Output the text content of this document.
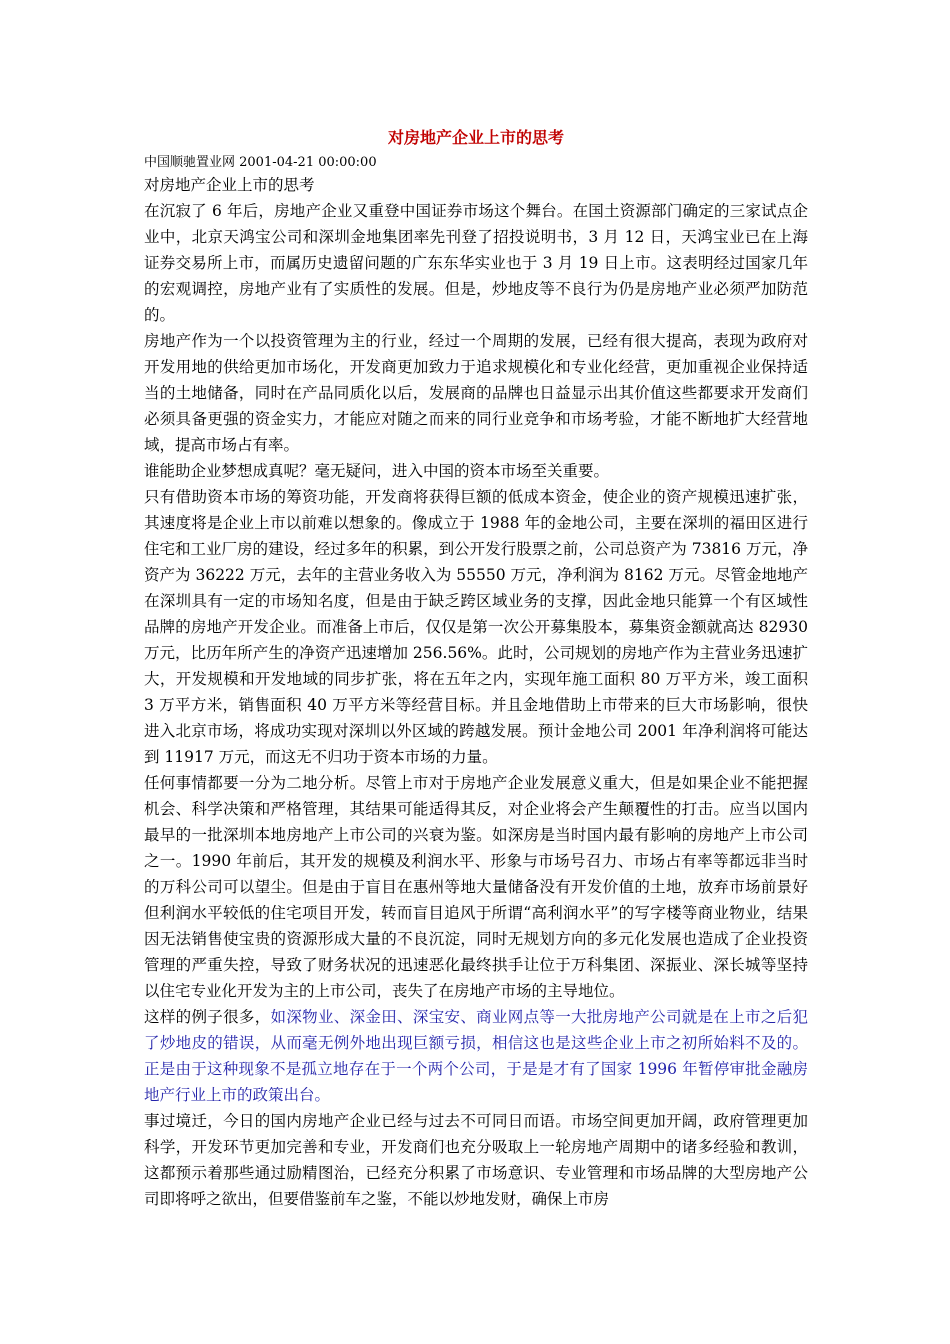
对房地产企业上市的思考

中国顺驰置业网 2001-04-21 00:00:00

对房地产企业上市的思考

在沉寂了 6 年后，房地产企业又重登中国证券市场这个舞台。在国土资源部门确定的三家试点企业中，北京天鸿宝公司和深圳金地集团率先刊登了招投说明书，3 月 12 日，天鸿宝业已在上海证券交易所上市，而属历史遗留问题的广东东华实业也于 3 月 19 日上市。这表明经过国家几年的宏观调控，房地产业有了实质性的发展。但是，炒地皮等不良行为仍是房地产业必须严加防范的。

房地产作为一个以投资管理为主的行业，经过一个周期的发展，已经有很大提高，表现为政府对开发用地的供给更加市场化，开发商更加致力于追求规模化和专业化经营，更加重视企业保持适当的土地储备，同时在产品同质化以后，发展商的品牌也日益显示出其价值这些都要求开发商们必须具备更强的资金实力，才能应对随之而来的同行业竞争和市场考验，才能不断地扩大经营地域，提高市场占有率。

谁能助企业梦想成真呢？毫无疑问，进入中国的资本市场至关重要。

只有借助资本市场的筹资功能，开发商将获得巨额的低成本资金，使企业的资产规模迅速扩张，其速度将是企业上市以前难以想象的。像成立于 1988 年的金地公司，主要在深圳的福田区进行住宅和工业厂房的建设，经过多年的积累，到公开发行股票之前，公司总资产为 73816 万元，净资产为 36222 万元，去年的主营业务收入为 55550 万元，净利润为 8162 万元。尽管金地地产在深圳具有一定的市场知名度，但是由于缺乏跨区域业务的支撑，因此金地只能算一个有区域性品牌的房地产开发企业。而准备上市后，仅仅是第一次公开募集股本，募集资金额就高达 82930 万元，比历年所产生的净资产迅速增加 256.56%。此时，公司规划的房地产作为主营业务迅速扩大，开发规模和开发地域的同步扩张，将在五年之内，实现年施工面积 80 万平方米，竣工面积 3 万平方米，销售面积 40 万平方米等经营目标。并且金地借助上市带来的巨大市场影响，很快进入北京市场，将成功实现对深圳以外区域的跨越发展。预计金地公司 2001 年净利润将可能达到 11917 万元，而这无不归功于资本市场的力量。

任何事情都要一分为二地分析。尽管上市对于房地产企业发展意义重大，但是如果企业不能把握机会、科学决策和严格管理，其结果可能适得其反，对企业将会产生颠覆性的打击。应当以国内最早的一批深圳本地房地产上市公司的兴衰为鉴。如深房是当时国内最有影响的房地产上市公司之一。1990 年前后，其开发的规模及利润水平、形象与市场号召力、市场占有率等都远非当时的万科公司可以望尘。但是由于盲目在惠州等地大量储备没有开发价值的土地，放弃市场前景好但利润水平较低的住宅项目开发，转而盲目追风于所谓“高利润水平”的写字楼等商业物业，结果因无法销售使宝贵的资源形成大量的不良沉淀，同时无规划方向的多元化发展也造成了企业投资管理的严重失控，导致了财务状况的迅速恶化最终拱手让位于万科集团、深振业、深长城等坚持以住宅专业化开发为主的上市公司，丧失了在房地产市场的主导地位。

这样的例子很多，如深物业、深金田、深宝安、商业网点等一大批房地产公司就是在上市之后犯了炒地皮的错误，从而毫无例外地出现巨额亏损，相信这也是这些企业上市之初所始料不及的。正是由于这种现象不是孤立地存在于一个两个公司，于是是才有了国家 1996 年暂停审批金融房地产行业上市的政策出台。

事过境迁，今日的国内房地产企业已经与过去不可同日而语。市场空间更加开阔，政府管理更加科学，开发环节更加完善和专业，开发商们也充分吸取上一轮房地产周期中的诸多经验和教训，这都预示着那些通过励精图治，已经充分积累了市场意识、专业管理和市场品牌的大型房地产公司即将呼之欲出，但要借鉴前车之鉴，不能以炒地发财，确保上市房
